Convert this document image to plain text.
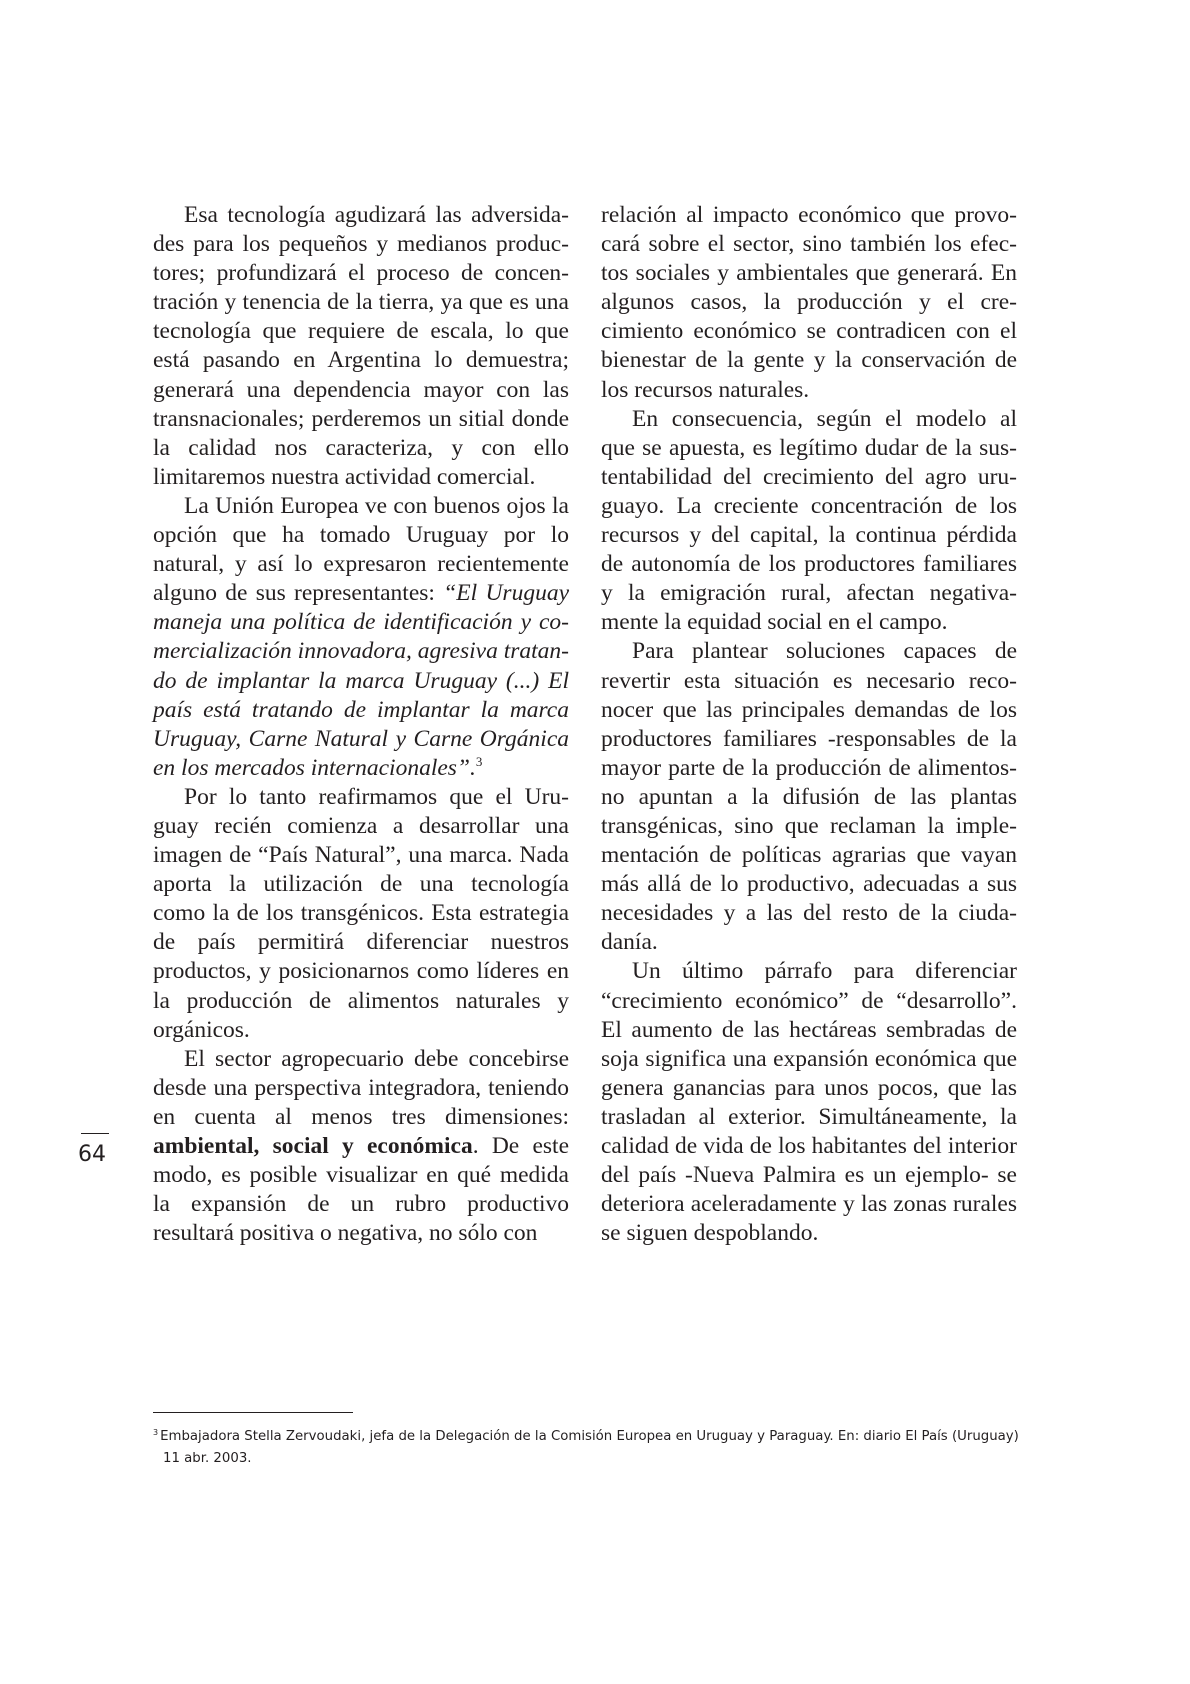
Esa tecnología agudizará las adversidades para los pequeños y medianos productores; profundizará el proceso de concentración y tenencia de la tierra, ya que es una tecnología que requiere de escala, lo que está pasando en Argentina lo demuestra; generará una dependencia mayor con las transnacionales; perderemos un sitial donde la calidad nos caracteriza, y con ello limitaremos nuestra actividad comercial.

La Unión Europea ve con buenos ojos la opción que ha tomado Uruguay por lo natural, y así lo expresaron recientemente alguno de sus representantes: “El Uruguay maneja una política de identificación y comercialización innovadora, agresiva tratando de implantar la marca Uruguay (...) El país está tratando de implantar la marca Uruguay, Carne Natural y Carne Orgánica en los mercados internacionales”.$^3$

Por lo tanto reafirmamos que el Uruguay recién comienza a desarrollar una imagen de “País Natural”, una marca. Nada aporta la utilización de una tecnología como la de los transgénicos. Esta estrategia de país permitirá diferenciar nuestros productos, y posicionarnos como líderes en la producción de alimentos naturales y orgánicos.

El sector agropecuario debe concebirse desde una perspectiva integradora, teniendo en cuenta al menos tres dimensiones: ambiental, social y económica. De este modo, es posible visualizar en qué medida la expansión de un rubro productivo resultará positiva o negativa, no sólo con

relación al impacto económico que provocará sobre el sector, sino también los efectos sociales y ambientales que generará. En algunos casos, la producción y el crecimiento económico se contradicen con el bienestar de la gente y la conservación de los recursos naturales.

En consecuencia, según el modelo al que se apuesta, es legítimo dudar de la sustentabilidad del crecimiento del agro uruguayo. La creciente concentración de los recursos y del capital, la continua pérdida de autonomía de los productores familiares y la emigración rural, afectan negativamente la equidad social en el campo.

Para plantear soluciones capaces de revertir esta situación es necesario reconocer que las principales demandas de los productores familiares -responsables de la mayor parte de la producción de alimentos- no apuntan a la difusión de las plantas transgénicas, sino que reclaman la implementación de políticas agrarias que vayan más allá de lo productivo, adecuadas a sus necesidades y a las del resto de la ciudadanía.

Un último párrafo para diferenciar “crecimiento económico” de “desarrollo”. El aumento de las hectáreas sembradas de soja significa una expansión económica que genera ganancias para unos pocos, que las trasladan al exterior. Simultáneamente, la calidad de vida de los habitantes del interior del país -Nueva Palmira es un ejemplo- se deteriora aceleradamente y las zonas rurales se siguen despoblando.

64
$^3$ Embajadora Stella Zervoudaki, jefa de la Delegación de la Comisión Europea en Uruguay y Paraguay. En: diario El País (Uruguay)
11 abr. 2003.
